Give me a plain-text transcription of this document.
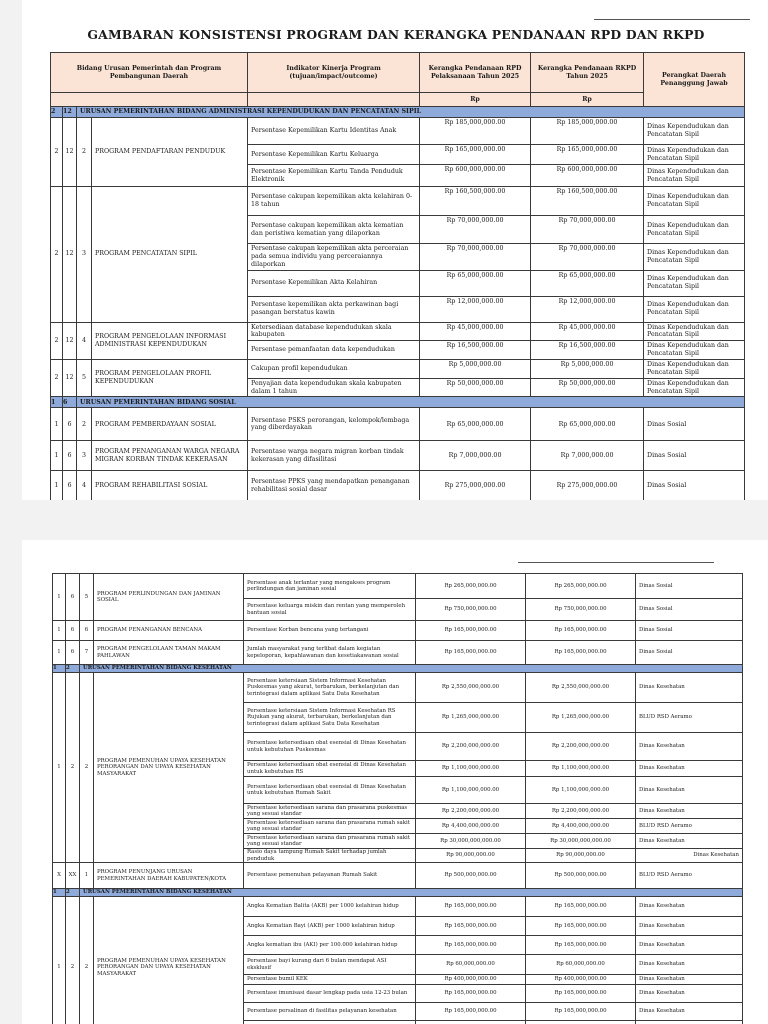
GAMBARAN KONSISTENSI PROGRAM DAN KERANGKA PENDANAAN RPD DAN RKPD
Bidang Urusan Pemerintah dan Program Pembangunan Daerah				Indikator Kinerja Program (tujuan/impact/outcome)	Kerangka Pendanaan RPD Pelaksanaan Tahun 2025	Kerangka Pendanaan RKPD Tahun 2025	Perangkat Daerah Penanggung Jawab
					Rp	Rp	
2	12	URUSAN PEMERINTAHAN BIDANG ADMINISTRASI KEPENDUDUKAN DAN PENCATATAN SIPIL					
2	12	2	PROGRAM PENDAFTARAN PENDUDUK	Persentase Kepemilikan Kartu Identitas Anak	Rp 185,000,000.00	Rp 185,000,000.00	Dinas Kependudukan dan Pencatatan Sipil
				Persentase Kepemilikan Kartu Keluarga	Rp 165,000,000.00	Rp 165,000,000.00	Dinas Kependudukan dan Pencatatan Sipil
				Persentase Kepemilikan Kartu Tanda Penduduk Elektronik	Rp 600,000,000.00	Rp 600,000,000.00	Dinas Kependudukan dan Pencatatan Sipil
2	12	3	PROGRAM PENCATATAN SIPIL	Persentase cakupan kepemilikan akta kelahiran 0-18 tahun	Rp 160,500,000.00	Rp 160,500,000.00	Dinas Kependudukan dan Pencatatan Sipil
				Persentase cakupan kepemilikan akta kematian dan peristiwa kematian yang dilaporkan	Rp 70,000,000.00	Rp 70,000,000.00	Dinas Kependudukan dan Pencatatan Sipil
				Persentase cakupan kepemilikan akta perceraian pada semua individu yang perceraiannya dilaporkan	Rp 70,000,000.00	Rp 70,000,000.00	Dinas Kependudukan dan Pencatatan Sipil
				Persentase Kepemilikan Akta Kelahiran	Rp 65,000,000.00	Rp 65,000,000.00	Dinas Kependudukan dan Pencatatan Sipil
				Persentase kepemilikan akta perkawinan bagi pasangan berstatus kawin	Rp 12,000,000.00	Rp 12,000,000.00	Dinas Kependudukan dan Pencatatan Sipil
2	12	4	PROGRAM PENGELOLAAN INFORMASI ADMINISTRASI KEPENDUDUKAN	Ketersediaan database kependudukan skala kabupaten	Rp 45,000,000.00	Rp 45,000,000.00	Dinas Kependudukan dan Pencatatan Sipil
				Persentase pemanfaatan data kependudukan	Rp 16,500,000.00	Rp 16,500,000.00	Dinas Kependudukan dan Pencatatan Sipil
2	12	5	PROGRAM PENGELOLAAN PROFIL KEPENDUDUKAN	Cakupan profil kependudukan	Rp 5,000,000.00	Rp 5,000,000.00	Dinas Kependudukan dan Pencatatan Sipil
				Penyajian data kependudukan skala kabupaten dalam 1 tahun	Rp 50,000,000.00	Rp 50,000,000.00	Dinas Kependudukan dan Pencatatan Sipil
1	6	URUSAN PEMERINTAHAN BIDANG SOSIAL					
1	6	2	PROGRAM PEMBERDAYAAN SOSIAL	Persentase PSKS perorangan, kelompok/lembaga yang diberdayakan	Rp 65,000,000.00	Rp 65,000,000.00	Dinas Sosial
1	6	3	PROGRAM PENANGANAN WARGA NEGARA MIGRAN KORBAN TINDAK KEKERASAN	Persentase warga negara migran korban tindak kekerasan yang difasilitasi	Rp 7,000,000.00	Rp 7,000,000.00	Dinas Sosial
1	6	4	PROGRAM REHABILITASI SOSIAL	Persentase PPKS yang mendapatkan penanganan rehabilitasi sosial dasar	Rp 275,000,000.00	Rp 275,000,000.00	Dinas Sosial
1	6	5	PROGRAM PERLINDUNGAN DAN JAMINAN SOSIAL	Persentase anak terlantar yang mengakses program perlindungan dan jaminan sosial	Rp 265,000,000.00	Rp 265,000,000.00	Dinas Sosial
				Persentase keluarga miskin dan rentan yang memperoleh bantuan sosial	Rp 750,000,000.00	Rp 750,000,000.00	Dinas Sosial
1	6	6	PROGRAM PENANGANAN BENCANA	Persentase Korban bencana yang tertangani	Rp 165,000,000.00	Rp 165,000,000.00	Dinas Sosial
1	6	7	PROGRAM PENGELOLAAN TAMAN MAKAM PAHLAWAN	Jumlah masyarakat yang terlibat dalam kegiatan kepeloporan, kepahlawanan dan kesetiakawanan sosial	Rp 165,000,000.00	Rp 165,000,000.00	Dinas Sosial
1	2	URUSAN PEMERINTAHAN BIDANG KESEHATAN					
1	2	2	PROGRAM PEMENUHAN UPAYA KESEHATAN PERORANGAN DAN UPAYA KESEHATAN MASYARAKAT	Persentase ketersiaan Sistem Informasi Kesehatan Puskesmas yang akurat, terbarukan, berkelanjutan dan terintegrasi dalam aplikasi Satu Data Kesehatan	Rp 2,550,000,000.00	Rp 2,550,000,000.00	Dinas Kesehatan
				Persentase ketersiaan Sistem Informasi Kesehatan RS Rujukan yang akurat, terbarukan, berkelanjutan dan terintegrasi dalam aplikasi Satu Data Kesehatan	Rp 1,265,000,000.00	Rp 1,265,000,000.00	BLUD RSD Aeramo
				Persentase ketersediaan obat esensial di Dinas Kesehatan untuk kebutuhan Puskesmas	Rp 2,200,000,000.00	Rp 2,200,000,000.00	Dinas Kesehatan
				Persentase ketersediaan obat esensial di Dinas Kesehatan untuk kebutuhan RS	Rp 1,100,000,000.00	Rp 1,100,000,000.00	Dinas Kesehatan
				Persentase ketersediaan obat esensial di Dinas Kesehatan untuk kebutuhan Rumah Sakit	Rp 1,100,000,000.00	Rp 1,100,000,000.00	Dinas Kesehatan
				Persentase ketersediaan sarana dan prasarana puskesmas yang sesuai standar	Rp 2,200,000,000.00	Rp 2,200,000,000.00	Dinas Kesehatan
				Persentase ketersediaan sarana dan prasarana rumah sakit yang sesuai standar	Rp 4,400,000,000.00	Rp 4,400,000,000.00	BLUD RSD Aeramo
				Persentase ketersediaan sarana dan prasarana rumah sakit yang sesuai standar	Rp 30,000,000,000.00	Rp 30,000,000,000.00	Dinas Kesehatan
				Rasio daya tampung Rumah Sakit terhadap jumlah penduduk	Rp 90,000,000.00	Rp 90,000,000.00	Dinas Kesehatan
X	XX	1	PROGRAM PENUNJANG URUSAN PEMERINTAHAN DAERAH KABUPATEN/KOTA	Persentase pemenuhan pelayanan Rumah Sakit	Rp 500,000,000.00	Rp 500,000,000.00	BLUD RSD Aeramo
1	2	URUSAN PEMERINTAHAN BIDANG KESEHATAN					
1	2	2	PROGRAM PEMENUHAN UPAYA KESEHATAN PERORANGAN DAN UPAYA KESEHATAN MASYARAKAT	Angka Kematian Balita (AKB) per 1000 kelahiran hidup	Rp 165,000,000.00	Rp 165,000,000.00	Dinas Kesehatan
				Angka Kematian Bayi (AKB) per 1000 kelahiran hidup	Rp 165,000,000.00	Rp 165,000,000.00	Dinas Kesehatan
				Angka kematian ibu (AKI) per 100.000 kelahiran hidup	Rp 165,000,000.00	Rp 165,000,000.00	Dinas Kesehatan
				Persentase bayi kurang dari 6 bulan mendapat ASI eksklusif	Rp 60,000,000.00	Rp 60,000,000.00	Dinas Kesehatan
				Persentase bumil KEK	Rp 400,000,000.00	Rp 400,000,000.00	Dinas Kesehatan
				Persentase imunisasi dasar lengkap pada usia 12-23 bulan	Rp 165,000,000.00	Rp 165,000,000.00	Dinas Kesehatan
				Persentase persalinan di fasilitas pelayanan kesehatan	Rp 165,000,000.00	Rp 165,000,000.00	Dinas Kesehatan
